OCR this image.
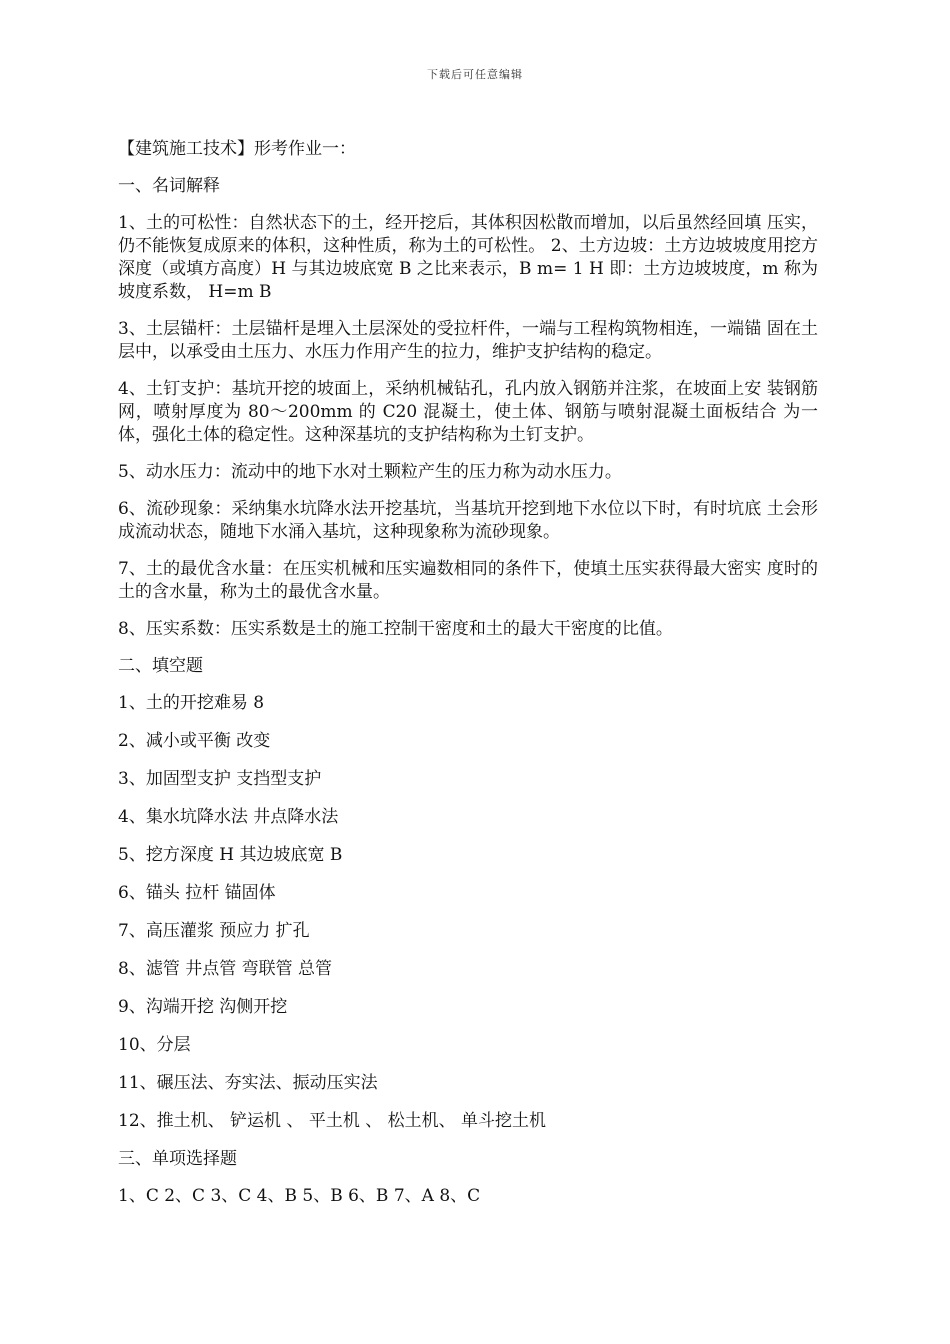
下载后可任意编辑

【建筑施工技术】形考作业一：

一、名词解释

1、土的可松性：自然状态下的土，经开挖后，其体积因松散而增加，以后虽然经回填 压实，仍不能恢复成原来的体积，这种性质，称为土的可松性。 2、土方边坡：土方边坡坡度用挖方深度（或填方高度）H 与其边坡底宽 B 之比来表示，B m= 1 H 即：土方边坡坡度，m 称为坡度系数， H=m B

3、土层锚杆：土层锚杆是埋入土层深处的受拉杆件，一端与工程构筑物相连，一端锚 固在土层中，以承受由土压力、水压力作用产生的拉力，维护支护结构的稳定。

4、土钉支护：基坑开挖的坡面上，采纳机械钻孔，孔内放入钢筋并注浆，在坡面上安 装钢筋网，喷射厚度为 80～200mm 的 C20 混凝土，使土体、钢筋与喷射混凝土面板结合 为一体，强化土体的稳定性。这种深基坑的支护结构称为土钉支护。

5、动水压力：流动中的地下水对土颗粒产生的压力称为动水压力。

6、流砂现象：采纳集水坑降水法开挖基坑，当基坑开挖到地下水位以下时，有时坑底 土会形成流动状态，随地下水涌入基坑，这种现象称为流砂现象。

7、土的最优含水量：在压实机械和压实遍数相同的条件下，使填土压实获得最大密实 度时的土的含水量，称为土的最优含水量。

8、压实系数：压实系数是土的施工控制干密度和土的最大干密度的比值。

二、填空题

1、土的开挖难易 8

2、减小或平衡 改变

3、加固型支护 支挡型支护

4、集水坑降水法 井点降水法

5、挖方深度 H 其边坡底宽 B

6、锚头 拉杆 锚固体

7、高压灌浆 预应力 扩孔

8、滤管 井点管 弯联管 总管

9、沟端开挖 沟侧开挖

10、分层

11、碾压法、夯实法、振动压实法

12、推土机、 铲运机 、 平土机 、 松土机、 单斗挖土机

三、单项选择题

1、C 2、C 3、C 4、B 5、B 6、B 7、A 8、C
